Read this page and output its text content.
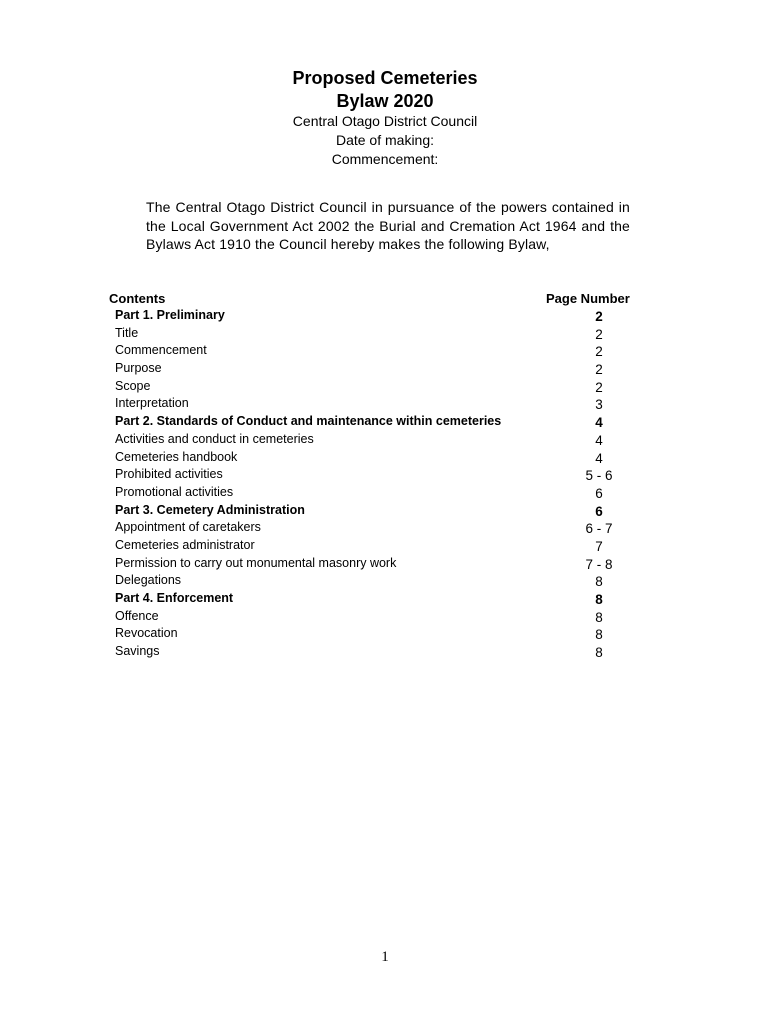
Proposed Cemeteries
Bylaw 2020
Central Otago District Council
Date of making:
Commencement:

The Central Otago District Council in pursuance of the powers contained in the Local Government Act 2002 the Burial and Cremation Act 1964 and the Bylaws Act 1910 the Council hereby makes the following Bylaw,

Contents	Page Number
Part 1. Preliminary	2
Title	2
Commencement	2
Purpose	2
Scope	2
Interpretation	3
Part 2. Standards of Conduct and maintenance within cemeteries	4
Activities and conduct in cemeteries	4
Cemeteries handbook	4
Prohibited activities	5 - 6
Promotional activities	6
Part 3. Cemetery Administration	6
Appointment of caretakers	6 - 7
Cemeteries administrator	7
Permission to carry out monumental masonry work	7 - 8
Delegations	8
Part 4. Enforcement	8
Offence	8
Revocation	8
Savings	8
1
